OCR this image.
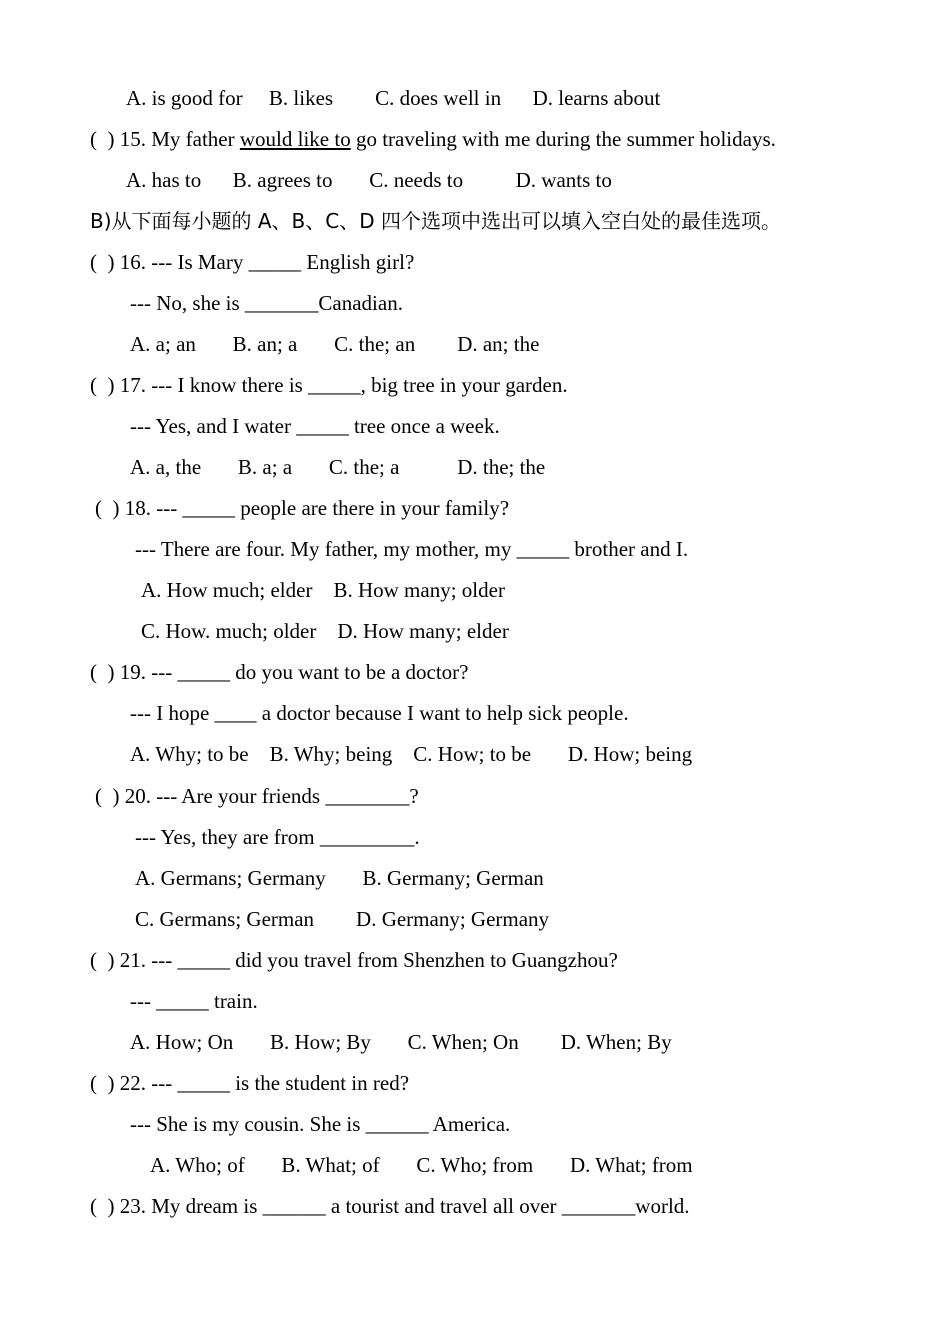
A. is good for     B. likes        C. does well in      D. learns about
(  ) 15. My father would like to go traveling with me during the summer holidays.
A. has to      B. agrees to       C. needs to          D. wants to
B)从下面每小题的 A、B、C、D 四个选项中选出可以填入空白处的最佳选项。
(  ) 16. --- Is Mary _____ English girl?
--- No, she is _______Canadian.
A. a; an       B. an; a       C. the; an        D. an; the
(  ) 17. --- I know there is _____, big tree in your garden.
--- Yes, and I water _____ tree once a week.
A. a, the       B. a; a       C. the; a           D. the; the
(  ) 18. --- _____ people are there in your family?
--- There are four. My father, my mother, my _____ brother and I.
A. How much; elder    B. How many; older
C. How. much; older    D. How many; elder
(  ) 19. --- _____ do you want to be a doctor?
--- I hope ____ a doctor because I want to help sick people.
A. Why; to be    B. Why; being    C. How; to be       D. How; being
(  ) 20. --- Are your friends ________?
--- Yes, they are from _________.
A. Germans; Germany       B. Germany; German
C. Germans; German        D. Germany; Germany
(  ) 21. --- _____ did you travel from Shenzhen to Guangzhou?
--- _____ train.
A. How; On       B. How; By       C. When; On        D. When; By
(  ) 22. --- _____ is the student in red?
--- She is my cousin. She is ______ America.
A. Who; of       B. What; of       C. Who; from       D. What; from
(  ) 23. My dream is ______ a tourist and travel all over _______world.
